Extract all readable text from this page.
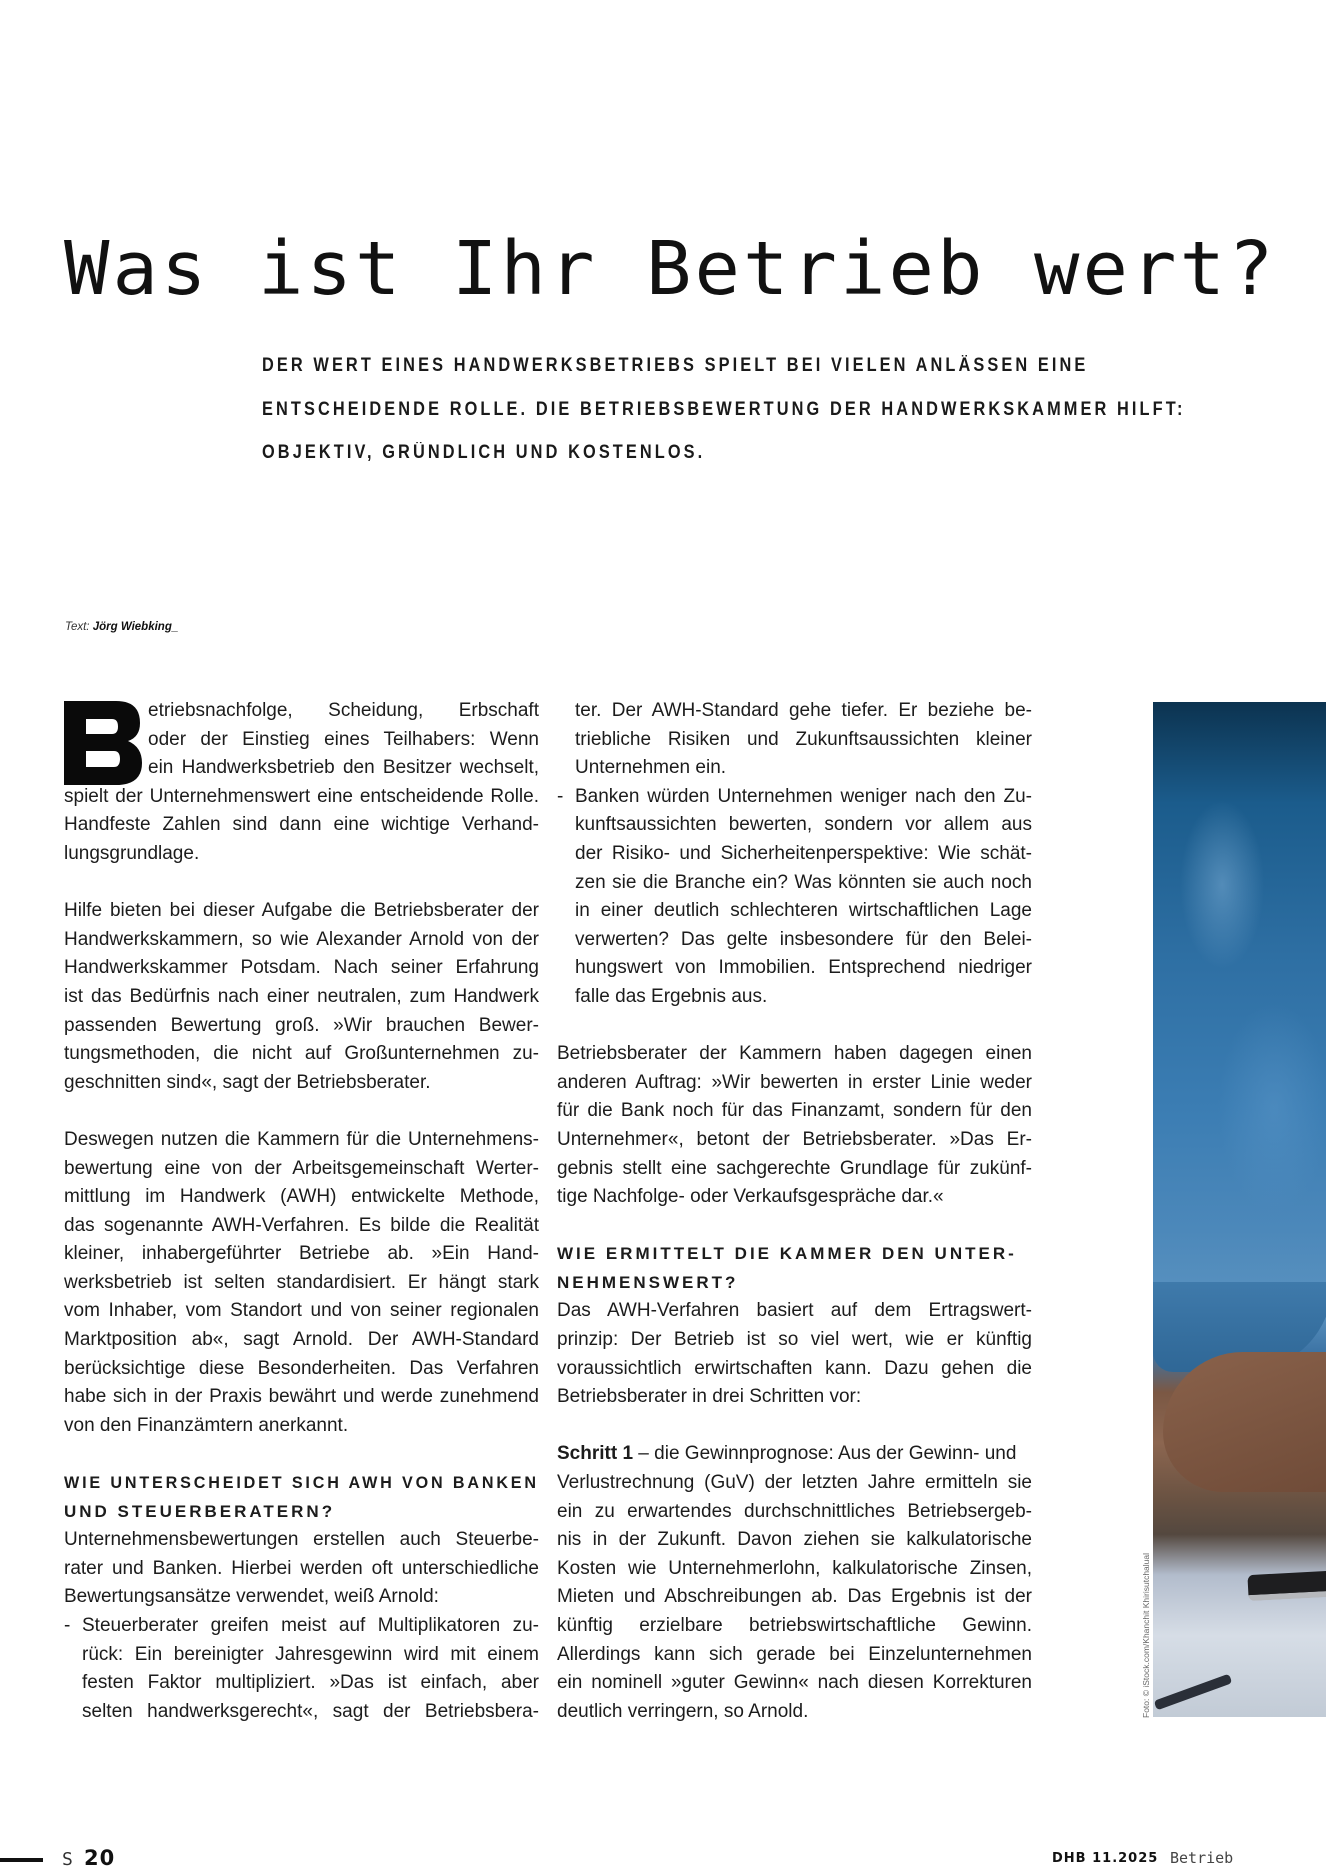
Was ist Ihr Betrieb wert?
DER WERT EINES HANDWERKSBETRIEBS SPIELT BEI VIELEN ANLÄSSEN EINE
ENTSCHEIDENDE ROLLE. DIE BETRIEBSBEWERTUNG DER HANDWERKSKAMMER HILFT:
OBJEKTIV, GRÜNDLICH UND KOSTENLOS.
Text: Jörg Wiebking_
etriebsnachfolge, Scheidung, Erbschaft
oder der Einstieg eines Teilhabers: Wenn
ein Handwerksbetrieb den Besitzer wechselt,
spielt der Unternehmenswert eine entscheidende Rolle.
Handfeste Zahlen sind dann eine wichtige Verhand-
lungsgrundlage.
Hilfe bieten bei dieser Aufgabe die Betriebsberater der
Handwerkskammern, so wie Alexander Arnold von der
Handwerkskammer Potsdam. Nach seiner Erfahrung
ist das Bedürfnis nach einer neutralen, zum Handwerk
passenden Bewertung groß. »Wir brauchen Bewer-
tungsmethoden, die nicht auf Großunternehmen zu-
geschnitten sind«, sagt der Betriebsberater.
Deswegen nutzen die Kammern für die Unternehmens-
bewertung eine von der Arbeitsgemeinschaft Werter-
mittlung im Handwerk (AWH) entwickelte Methode,
das sogenannte AWH-Verfahren. Es bilde die Realität
kleiner, inhabergeführter Betriebe ab. »Ein Hand-
werksbetrieb ist selten standardisiert. Er hängt stark
vom Inhaber, vom Standort und von seiner regionalen
Marktposition ab«, sagt Arnold. Der AWH-Standard
berücksichtige diese Besonderheiten. Das Verfahren
habe sich in der Praxis bewährt und werde zunehmend
von den Finanzämtern anerkannt.
WIE UNTERSCHEIDET SICH AWH VON BANKEN
UND STEUERBERATERN?
Unternehmensbewertungen erstellen auch Steuerbe-
rater und Banken. Hierbei werden oft unterschiedliche
Bewertungsansätze verwendet, weiß Arnold:
- Steuerberater greifen meist auf Multiplikatoren zu-
rück: Ein bereinigter Jahresgewinn wird mit einem
festen Faktor multipliziert. »Das ist einfach, aber
selten handwerksgerecht«, sagt der Betriebsbera-
ter. Der AWH-Standard gehe tiefer. Er beziehe be-
triebliche Risiken und Zukunftsaussichten kleiner
Unternehmen ein.
- Banken würden Unternehmen weniger nach den Zu-
kunftsaussichten bewerten, sondern vor allem aus
der Risiko- und Sicherheitenperspektive: Wie schät-
zen sie die Branche ein? Was könnten sie auch noch
in einer deutlich schlechteren wirtschaftlichen Lage
verwerten? Das gelte insbesondere für den Belei-
hungswert von Immobilien. Entsprechend niedriger
falle das Ergebnis aus.
Betriebsberater der Kammern haben dagegen einen
anderen Auftrag: »Wir bewerten in erster Linie weder
für die Bank noch für das Finanzamt, sondern für den
Unternehmer«, betont der Betriebsberater. »Das Er-
gebnis stellt eine sachgerechte Grundlage für zukünf-
tige Nachfolge- oder Verkaufsgespräche dar.«
WIE ERMITTELT DIE KAMMER DEN UNTER-
NEHMENSWERT?
Das AWH-Verfahren basiert auf dem Ertragswert-
prinzip: Der Betrieb ist so viel wert, wie er künftig
voraussichtlich erwirtschaften kann. Dazu gehen die
Betriebsberater in drei Schritten vor:
Schritt 1 – die Gewinnprognose: Aus der Gewinn- und
Verlustrechnung (GuV) der letzten Jahre ermitteln sie
ein zu erwartendes durchschnittliches Betriebsergeb-
nis in der Zukunft. Davon ziehen sie kalkulatorische
Kosten wie Unternehmerlohn, kalkulatorische Zinsen,
Mieten und Abschreibungen ab. Das Ergebnis ist der
künftig erzielbare betriebswirtschaftliche Gewinn.
Allerdings kann sich gerade bei Einzelunternehmen
ein nominell »guter Gewinn« nach diesen Korrekturen
deutlich verringern, so Arnold.	Foto: © iStock.com/Khanchit Khirisutchalual
S 20	DHB 11.2025 Betrieb
